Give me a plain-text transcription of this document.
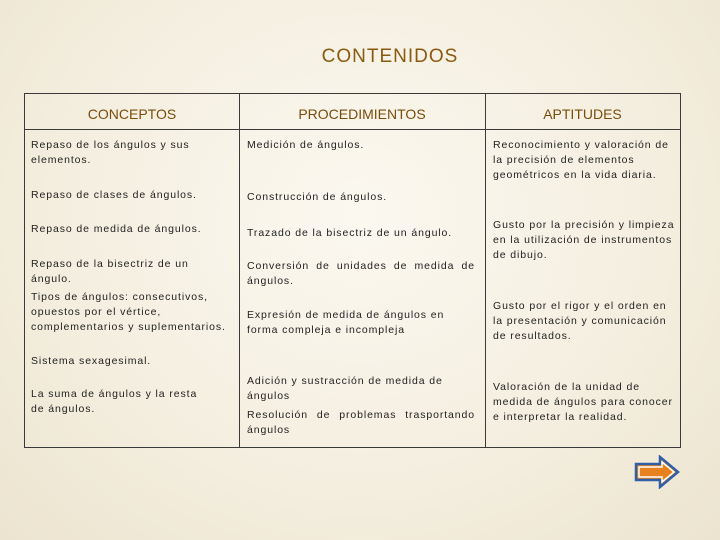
CONTENIDOS
CONCEPTOS	PROCEDIMIENTOS	APTITUDES
Repaso de los ángulos y sus elementos.
Repaso de clases de ángulos.
Repaso de medida de ángulos.
Repaso de la bisectriz de un ángulo.
Tipos de ángulos: consecutivos, opuestos por el vértice, complementarios y suplementarios.
Sistema sexagesimal.
La suma de ángulos y la resta de ángulos.
Medición de ángulos.
Construcción de ángulos.
Trazado de la bisectriz de un ángulo.
Conversión de unidades de medida de ángulos.
Expresión de medida de ángulos en forma compleja e incompleja
Adición y sustracción de medida de ángulos
Resolución de problemas trasportando ángulos
Reconocimiento y valoración de la precisión de elementos geométricos en la vida diaria.
Gusto por la precisión y limpieza en la utilización de instrumentos de dibujo.
Gusto por el rigor y el orden en la presentación y comunicación de resultados.
Valoración de la unidad de medida de ángulos para conocer e interpretar la realidad.
